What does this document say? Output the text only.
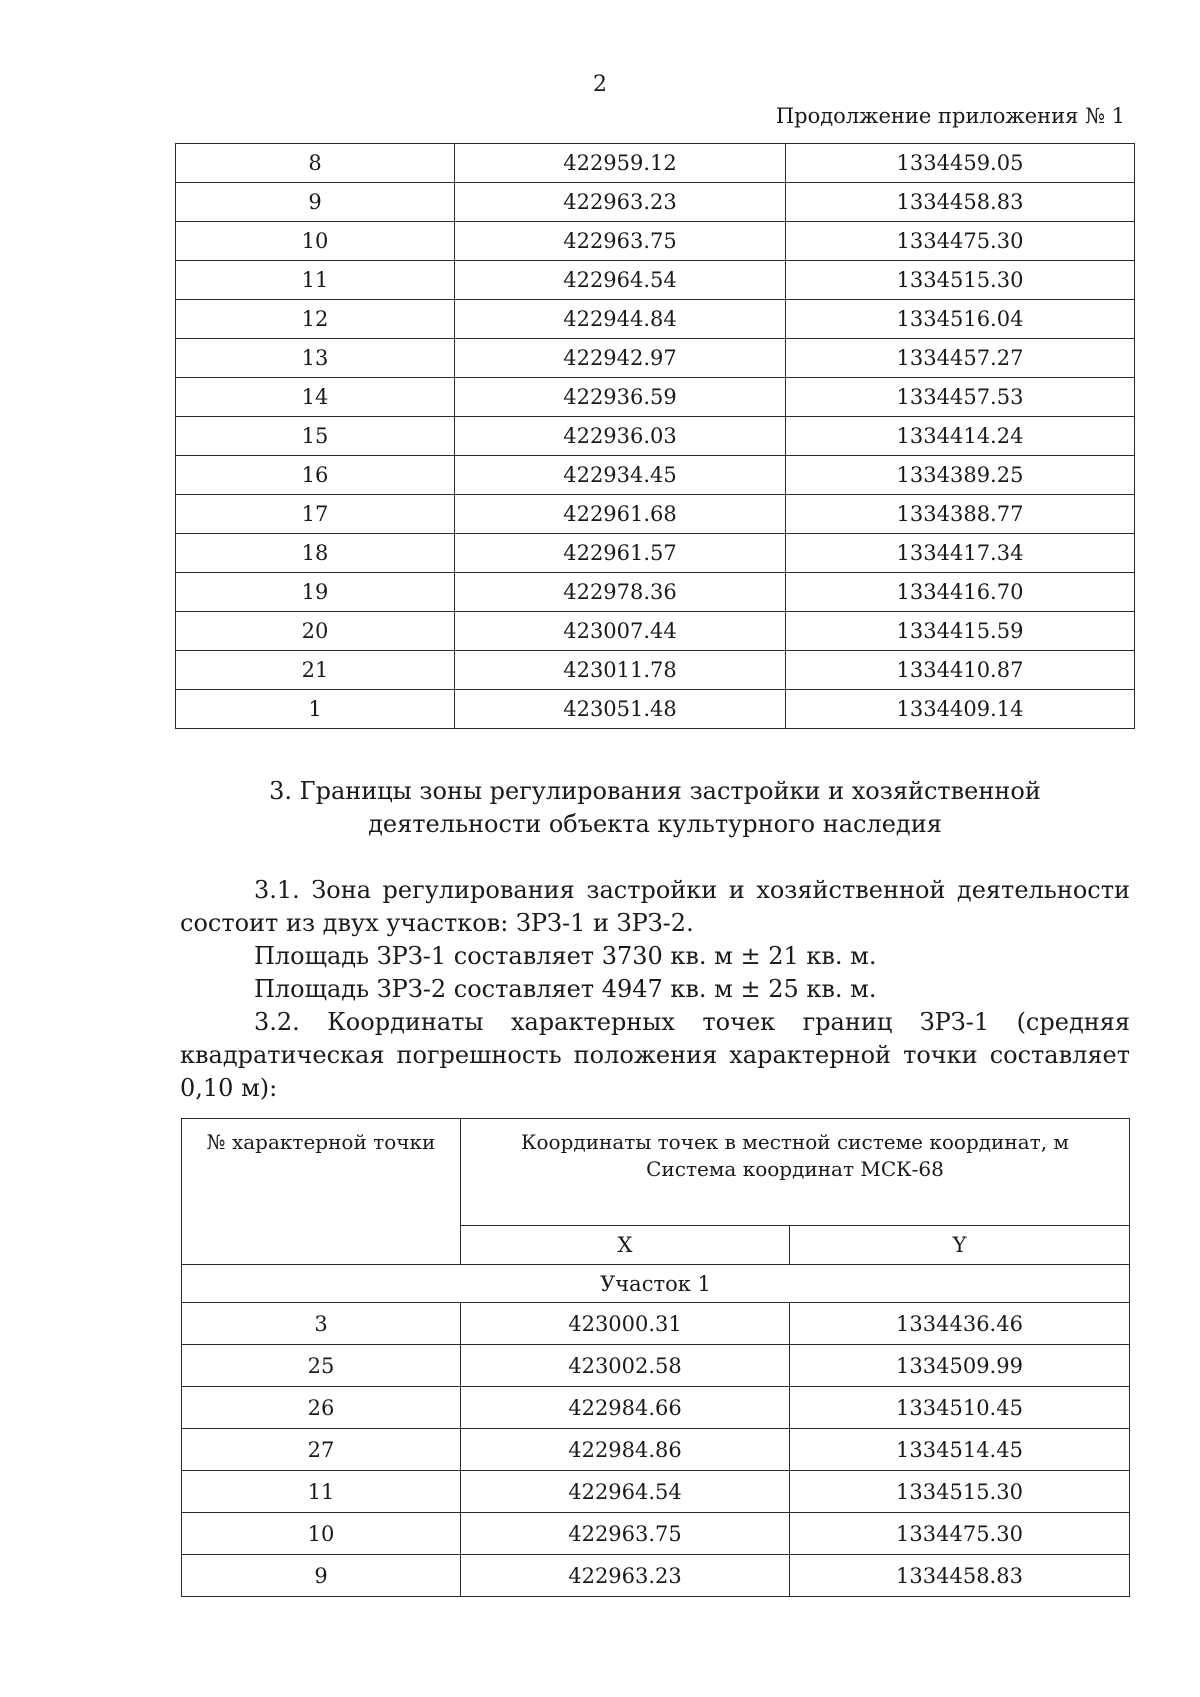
2
Продолжение приложения № 1
8	422959.12	1334459.05
9	422963.23	1334458.83
10	422963.75	1334475.30
11	422964.54	1334515.30
12	422944.84	1334516.04
13	422942.97	1334457.27
14	422936.59	1334457.53
15	422936.03	1334414.24
16	422934.45	1334389.25
17	422961.68	1334388.77
18	422961.57	1334417.34
19	422978.36	1334416.70
20	423007.44	1334415.59
21	423011.78	1334410.87
1	423051.48	1334409.14
3. Границы зоны регулирования застройки и хозяйственной
деятельности объекта культурного наследия
3.1. Зона регулирования застройки и хозяйственной деятельности
состоит из двух участков: ЗРЗ-1 и ЗРЗ-2.
Площадь ЗРЗ-1 составляет 3730 кв. м ± 21 кв. м.
Площадь ЗРЗ-2 составляет 4947 кв. м ± 25 кв. м.
3.2. Координаты характерных точек границ ЗРЗ-1 (средняя
квадратическая погрешность положения характерной точки составляет
0,10 м):
№ характерной точки	Координаты точек в местной системе координат, м
Система координат МСК-68	

	X	Y
Участок 1		
3	423000.31	1334436.46
25	423002.58	1334509.99
26	422984.66	1334510.45
27	422984.86	1334514.45
11	422964.54	1334515.30
10	422963.75	1334475.30
9	422963.23	1334458.83
